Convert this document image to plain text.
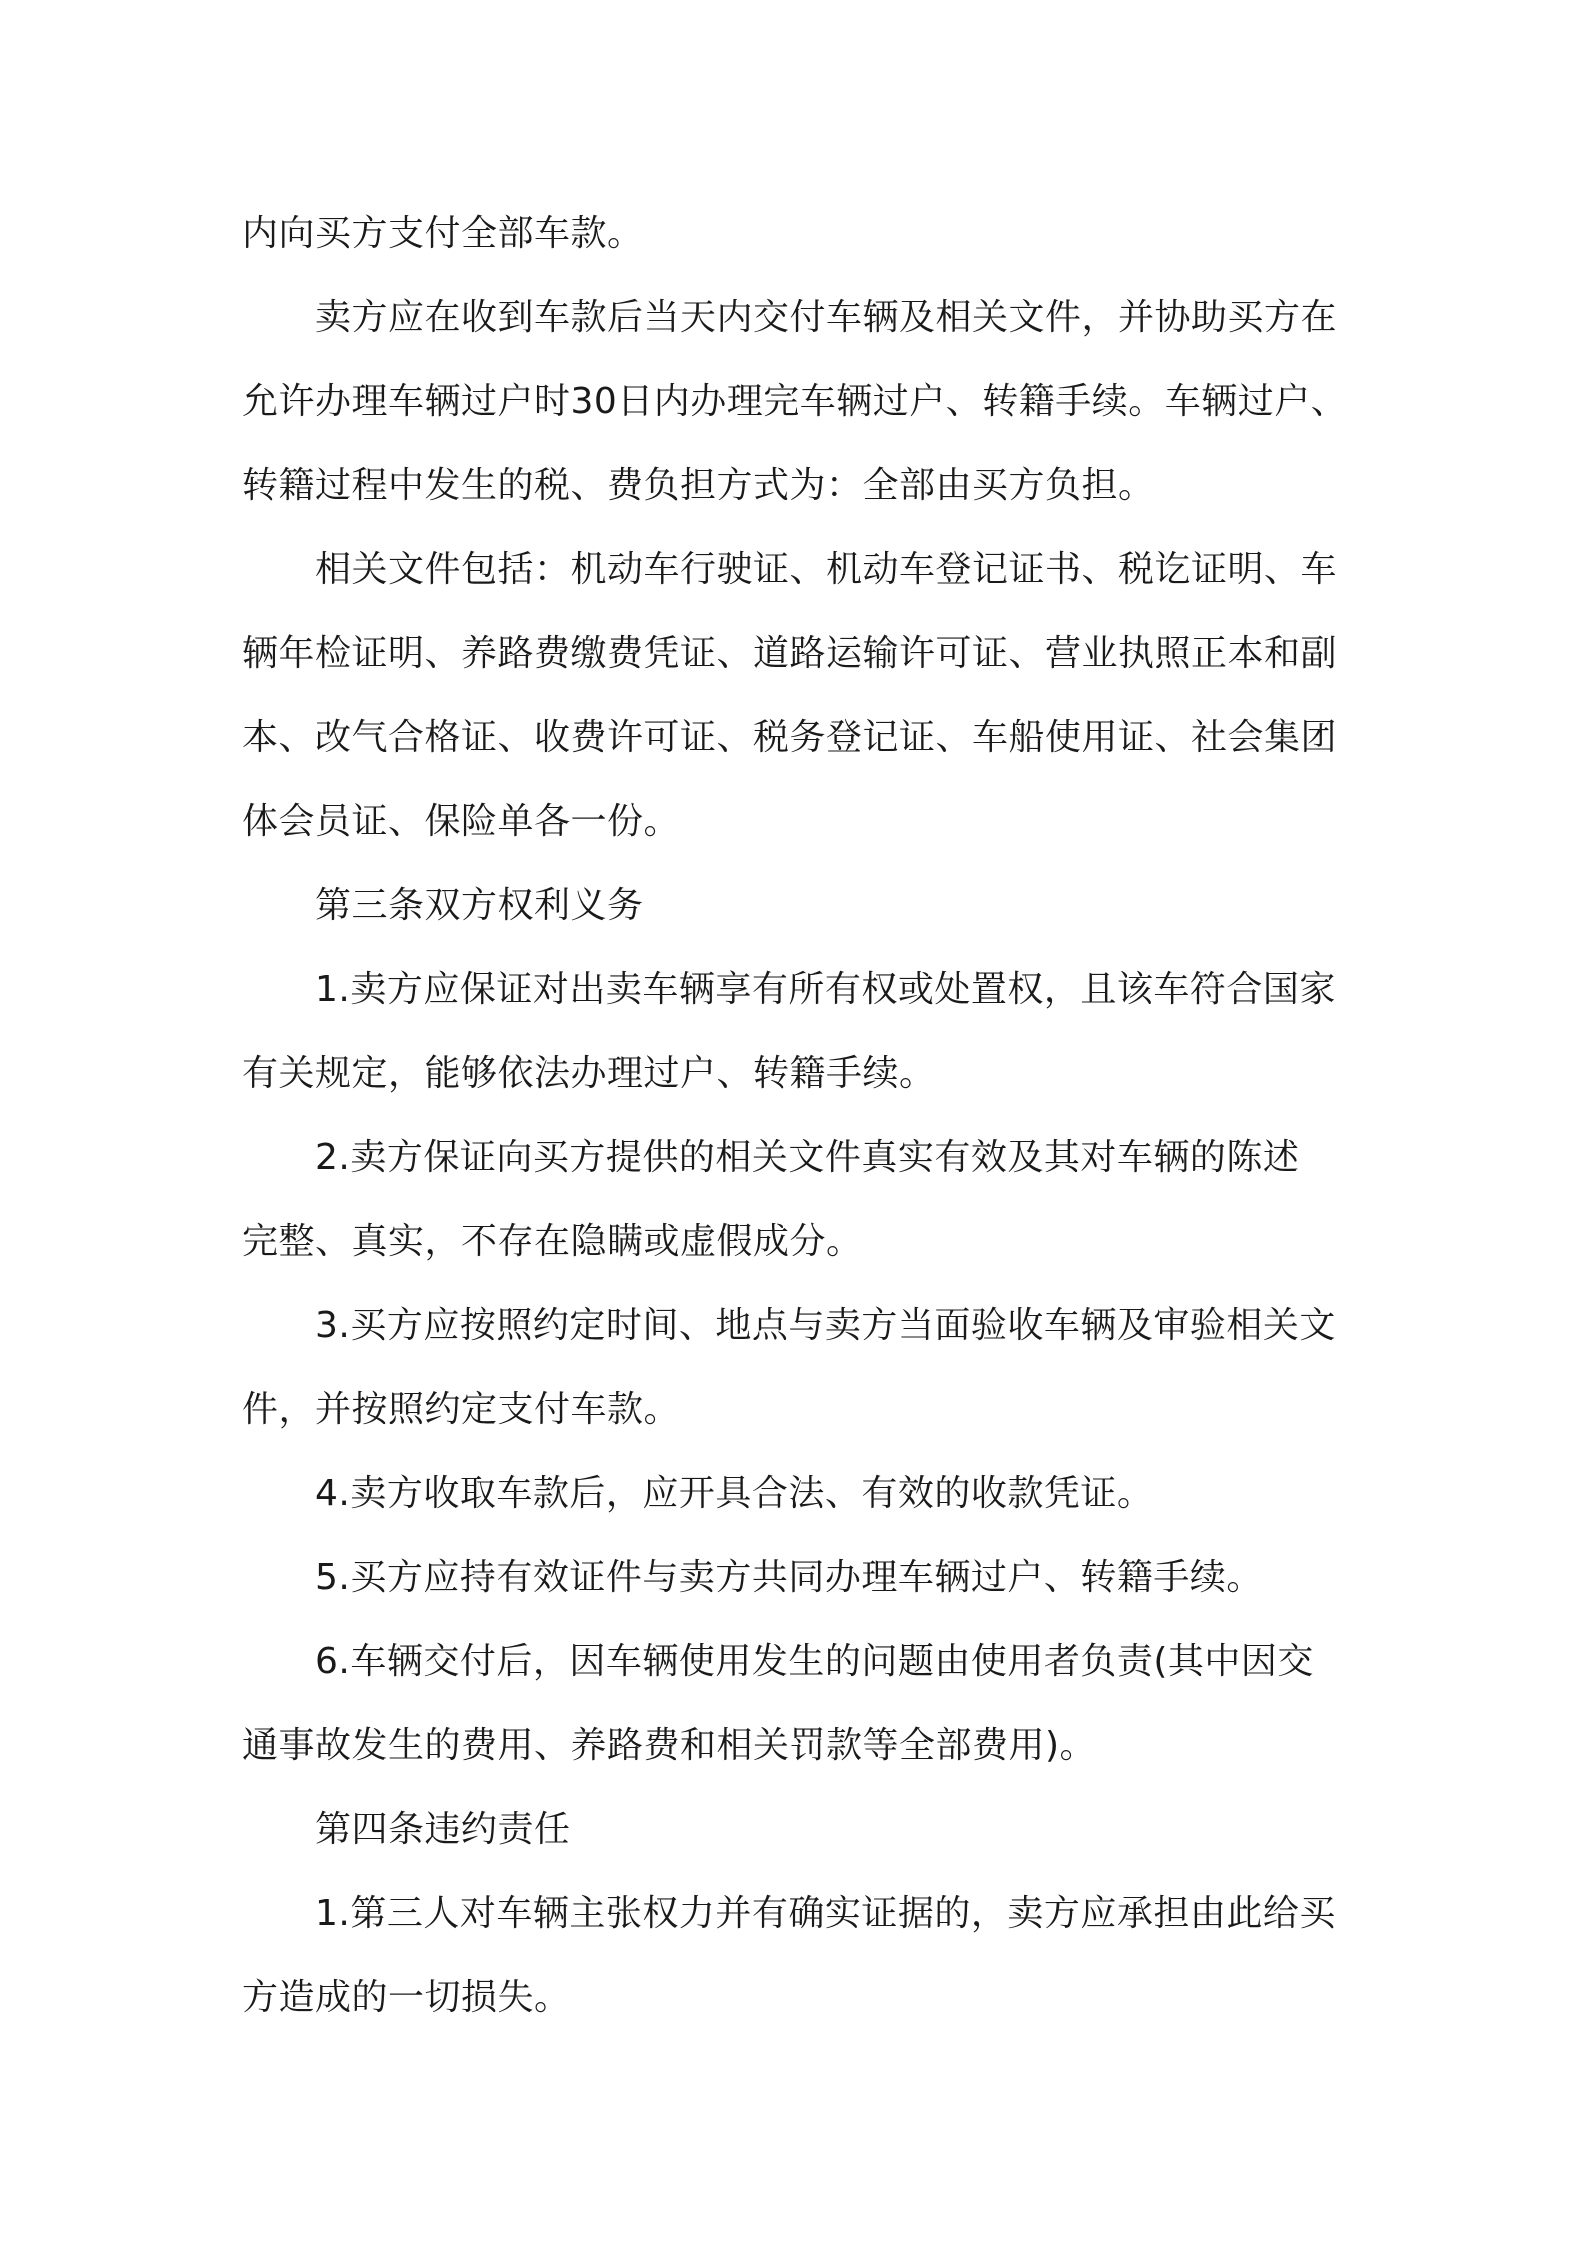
内向买方支付全部车款。
卖方应在收到车款后当天内交付车辆及相关文件，并协助买方在
允许办理车辆过户时30日内办理完车辆过户、转籍手续。车辆过户、
转籍过程中发生的税、费负担方式为：全部由买方负担。
相关文件包括：机动车行驶证、机动车登记证书、税讫证明、车
辆年检证明、养路费缴费凭证、道路运输许可证、营业执照正本和副
本、改气合格证、收费许可证、税务登记证、车船使用证、社会集团
体会员证、保险单各一份。
第三条双方权利义务
1.卖方应保证对出卖车辆享有所有权或处置权，且该车符合国家
有关规定，能够依法办理过户、转籍手续。
2.卖方保证向买方提供的相关文件真实有效及其对车辆的陈述
完整、真实，不存在隐瞒或虚假成分。
3.买方应按照约定时间、地点与卖方当面验收车辆及审验相关文
件，并按照约定支付车款。
4.卖方收取车款后，应开具合法、有效的收款凭证。
5.买方应持有效证件与卖方共同办理车辆过户、转籍手续。
6.车辆交付后，因车辆使用发生的问题由使用者负责(其中因交
通事故发生的费用、养路费和相关罚款等全部费用)。
第四条违约责任
1.第三人对车辆主张权力并有确实证据的，卖方应承担由此给买
方造成的一切损失。
